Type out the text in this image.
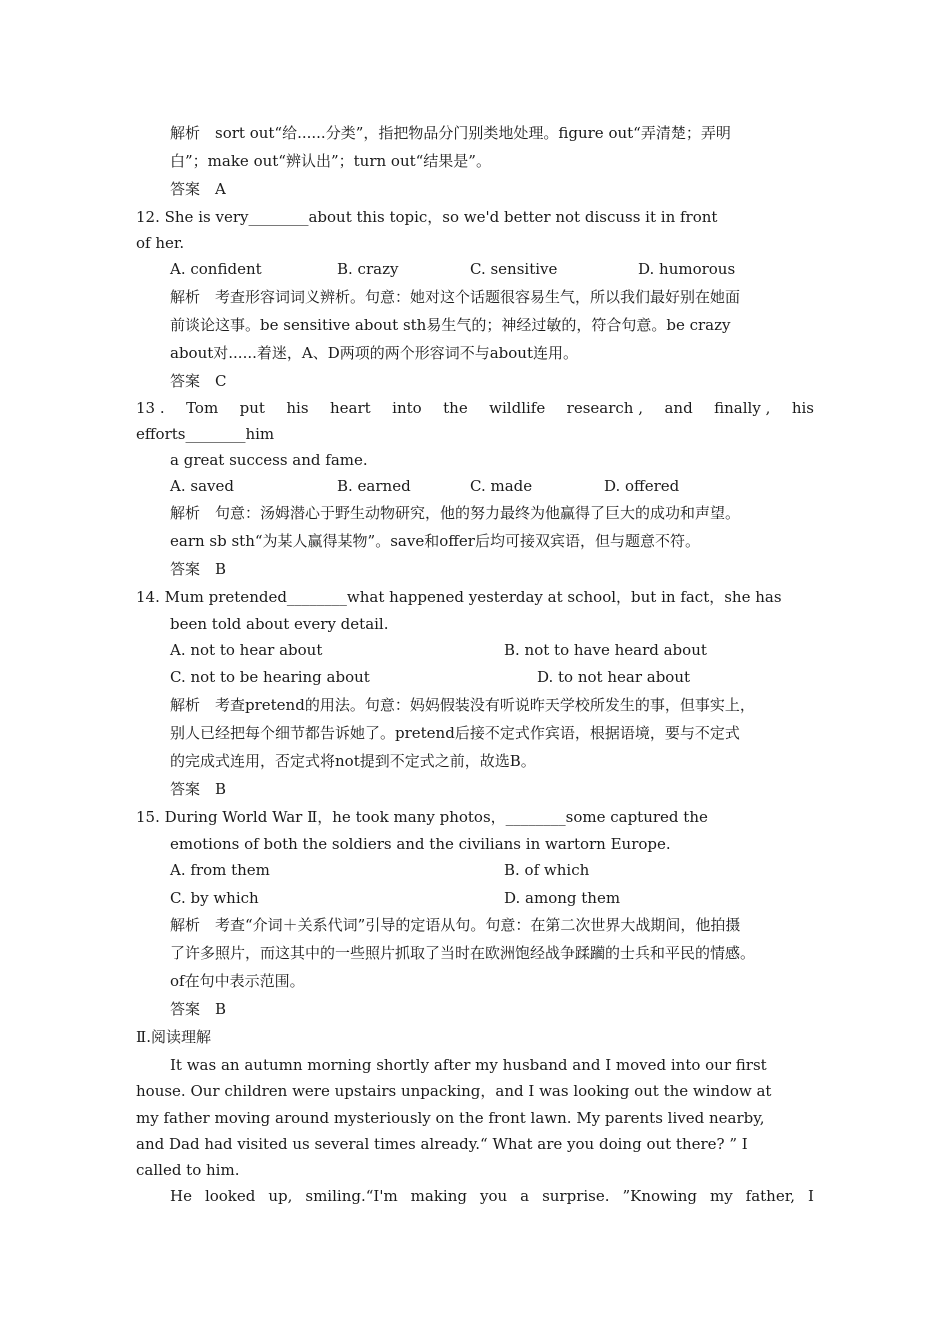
解析　sort out“给......分类”，指把物品分门别类地处理。figure out“弄清楚；弄明
白”；make out“辨认出”；turn out“结果是”。
答案　A
12. She is very________about this topic，so we'd better not discuss it in front
of her.
A. confident	B. crazy	C. sensitive	D. humorous
解析　考查形容词词义辨析。句意：她对这个话题很容易生气，所以我们最好别在她面
前谈论这事。be sensitive about sth易生气的；神经过敏的，符合句意。be crazy
about对......着迷，A、D两项的两个形容词不与about连用。
答案　C
13 . Tom put his heart into the wildlife research , and finally , his
efforts________him
a great success and fame.
A. saved	B. earned	C. made	D. offered
解析　句意：汤姆潜心于野生动物研究，他的努力最终为他赢得了巨大的成功和声望。
earn sb sth“为某人赢得某物”。save和offer后均可接双宾语，但与题意不符。
答案　B
14. Mum pretended________what happened yesterday at school，but in fact，she has
been told about every detail.
A. not to hear about	B. not to have heard about
C. not to be hearing about	D. to not hear about
解析　考查pretend的用法。句意：妈妈假装没有听说昨天学校所发生的事，但事实上，
别人已经把每个细节都告诉她了。pretend后接不定式作宾语，根据语境，要与不定式
的完成式连用，否定式将not提到不定式之前，故选B。
答案　B
15. During World War Ⅱ，he took many photos，________some captured the
emotions of both the soldiers and the civilians in wartorn Europe.
A. from them	B. of which
C. by which	D. among them
解析　考查“介词＋关系代词”引导的定语从句。句意：在第二次世界大战期间，他拍摄
了许多照片，而这其中的一些照片抓取了当时在欧洲饱经战争蹂躏的士兵和平民的情感。
of在句中表示范围。
答案　B
Ⅱ.阅读理解
It was an autumn morning shortly after my husband and I moved into our first
house. Our children were upstairs unpacking，and I was looking out the window at
my father moving around mysteriously on the front lawn. My parents lived nearby,
and Dad had visited us several times already.“ What are you doing out there? ” I
called to him.
He looked up, smiling.“I'm making you a surprise. ”Knowing my father, I
